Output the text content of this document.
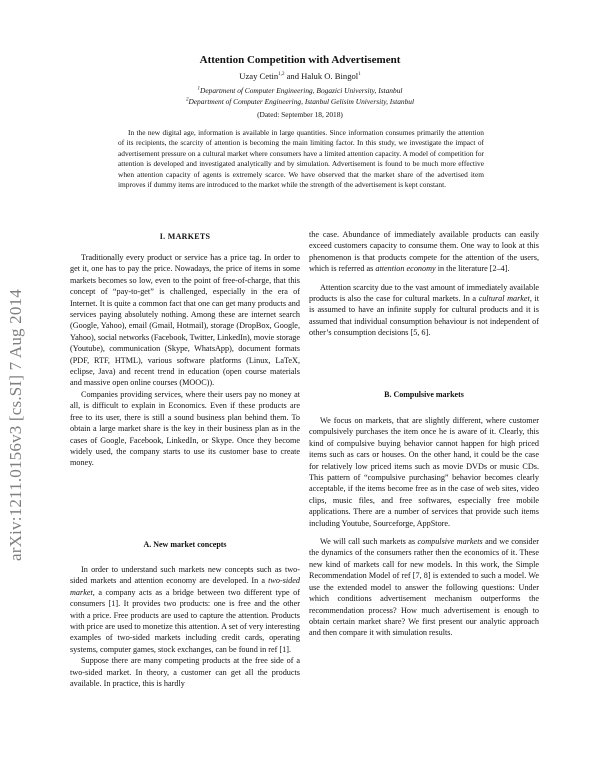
Attention Competition with Advertisement
Uzay Cetin$^{1,2}$ and Haluk O. Bingol$^1$
$^1$Department of Computer Engineering, Bogazici University, Istanbul
$^2$Department of Computer Engineering, Istanbul Gelisim University, Istanbul
(Dated: September 18, 2018)

In the new digital age, information is available in large quantities. Since information consumes primarily the attention of its recipients, the scarcity of attention is becoming the main limiting factor. In this study, we investigate the impact of advertisement pressure on a cultural market where consumers have a limited attention capacity. A model of competition for attention is developed and investigated analytically and by simulation. Advertisement is found to be much more effective when attention capacity of agents is extremely scarce. We have observed that the market share of the advertised item improves if dummy items are introduced to the market while the strength of the advertisement is kept constant.

arXiv:1211.0156v3 [cs.SI] 7 Aug 2014
I. MARKETS

Traditionally every product or service has a price tag. In order to get it, one has to pay the price. Nowadays, the price of items in some markets becomes so low, even to the point of free-of-charge, that this concept of “pay-to-get” is challenged, especially in the era of Internet. It is quite a common fact that one can get many products and services paying absolutely nothing. Among these are internet search (Google, Yahoo), email (Gmail, Hotmail), storage (DropBox, Google, Yahoo), social networks (Facebook, Twitter, LinkedIn), movie storage (Youtube), communication (Skype, WhatsApp), document formats (PDF, RTF, HTML), various software platforms (Linux, LaTeX, eclipse, Java) and recent trend in education (open course materials and massive open online courses (MOOC)).

Companies providing services, where their users pay no money at all, is difficult to explain in Economics. Even if these products are free to its user, there is still a sound business plan behind them. To obtain a large market share is the key in their business plan as in the cases of Google, Facebook, LinkedIn, or Skype. Once they become widely used, the company starts to use its customer base to create money.

A. New market concepts

In order to understand such markets new concepts such as two-sided markets and attention economy are developed. In a two-sided market, a company acts as a bridge between two different type of consumers [1]. It provides two products: one is free and the other with a price. Free products are used to capture the attention. Products with price are used to monetize this attention. A set of very interesting examples of two-sided markets including credit cards, operating systems, computer games, stock exchanges, can be found in ref [1].

Suppose there are many competing products at the free side of a two-sided market. In theory, a customer can get all the products available. In practice, this is hardly

the case. Abundance of immediately available products can easily exceed customers capacity to consume them. One way to look at this phenomenon is that products compete for the attention of the users, which is referred as attention economy in the literature [2–4].

Attention scarcity due to the vast amount of immediately available products is also the case for cultural markets. In a cultural market, it is assumed to have an infinite supply for cultural products and it is assumed that individual consumption behaviour is not independent of other’s consumption decisions [5, 6].

B. Compulsive markets

We focus on markets, that are slightly different, where customer compulsively purchases the item once he is aware of it. Clearly, this kind of compulsive buying behavior cannot happen for high priced items such as cars or houses. On the other hand, it could be the case for relatively low priced items such as movie DVDs or music CDs. This pattern of “compulsive purchasing” behavior becomes clearly acceptable, if the items become free as in the case of web sites, video clips, music files, and free softwares, especially free mobile applications. There are a number of services that provide such items including Youtube, Sourceforge, AppStore.

We will call such markets as compulsive markets and we consider the dynamics of the consumers rather then the economics of it. These new kind of markets call for new models. In this work, the Simple Recommendation Model of ref [7, 8] is extended to such a model. We use the extended model to answer the following questions: Under which conditions advertisement mechanism outperforms the recommendation process? How much advertisement is enough to obtain certain market share? We first present our analytic approach and then compare it with simulation results.
